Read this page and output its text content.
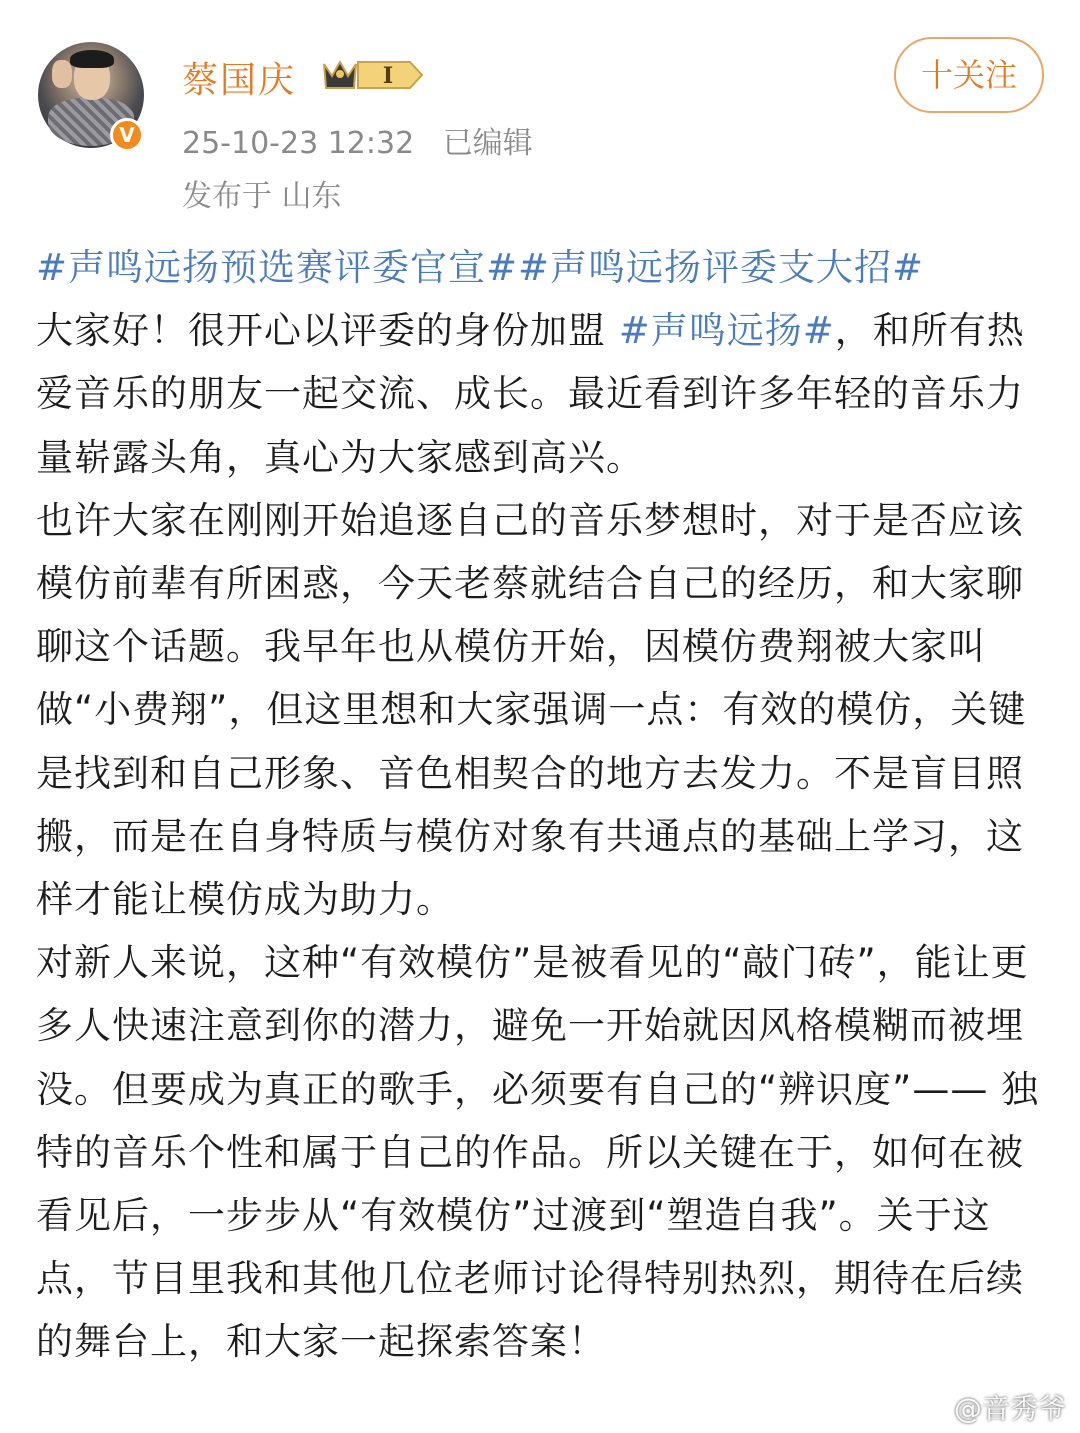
V
蔡国庆	I
25-10-23 12:32 已编辑
发布于 山东
十关注

#声鸣远扬预选赛评委官宣##声鸣远扬评委支大招#

大家好！很开心以评委的身份加盟 #声鸣远扬#，和所有热爱音乐的朋友一起交流、成长。最近看到许多年轻的音乐力量崭露头角，真心为大家感到高兴。

也许大家在刚刚开始追逐自己的音乐梦想时，对于是否应该模仿前辈有所困惑，今天老蔡就结合自己的经历，和大家聊聊这个话题。我早年也从模仿开始，因模仿费翔被大家叫做“小费翔”，但这里想和大家强调一点：有效的模仿，关键是找到和自己形象、音色相契合的地方去发力。不是盲目照搬，而是在自身特质与模仿对象有共通点的基础上学习，这样才能让模仿成为助力。

对新人来说，这种“有效模仿”是被看见的“敲门砖”，能让更多人快速注意到你的潜力，避免一开始就因风格模糊而被埋没。但要成为真正的歌手，必须要有自己的“辨识度”—— 独特的音乐个性和属于自己的作品。所以关键在于，如何在被看见后，一步步从“有效模仿”过渡到“塑造自我”。关于这点，节目里我和其他几位老师讨论得特别热烈，期待在后续的舞台上，和大家一起探索答案！

@音秀爷
